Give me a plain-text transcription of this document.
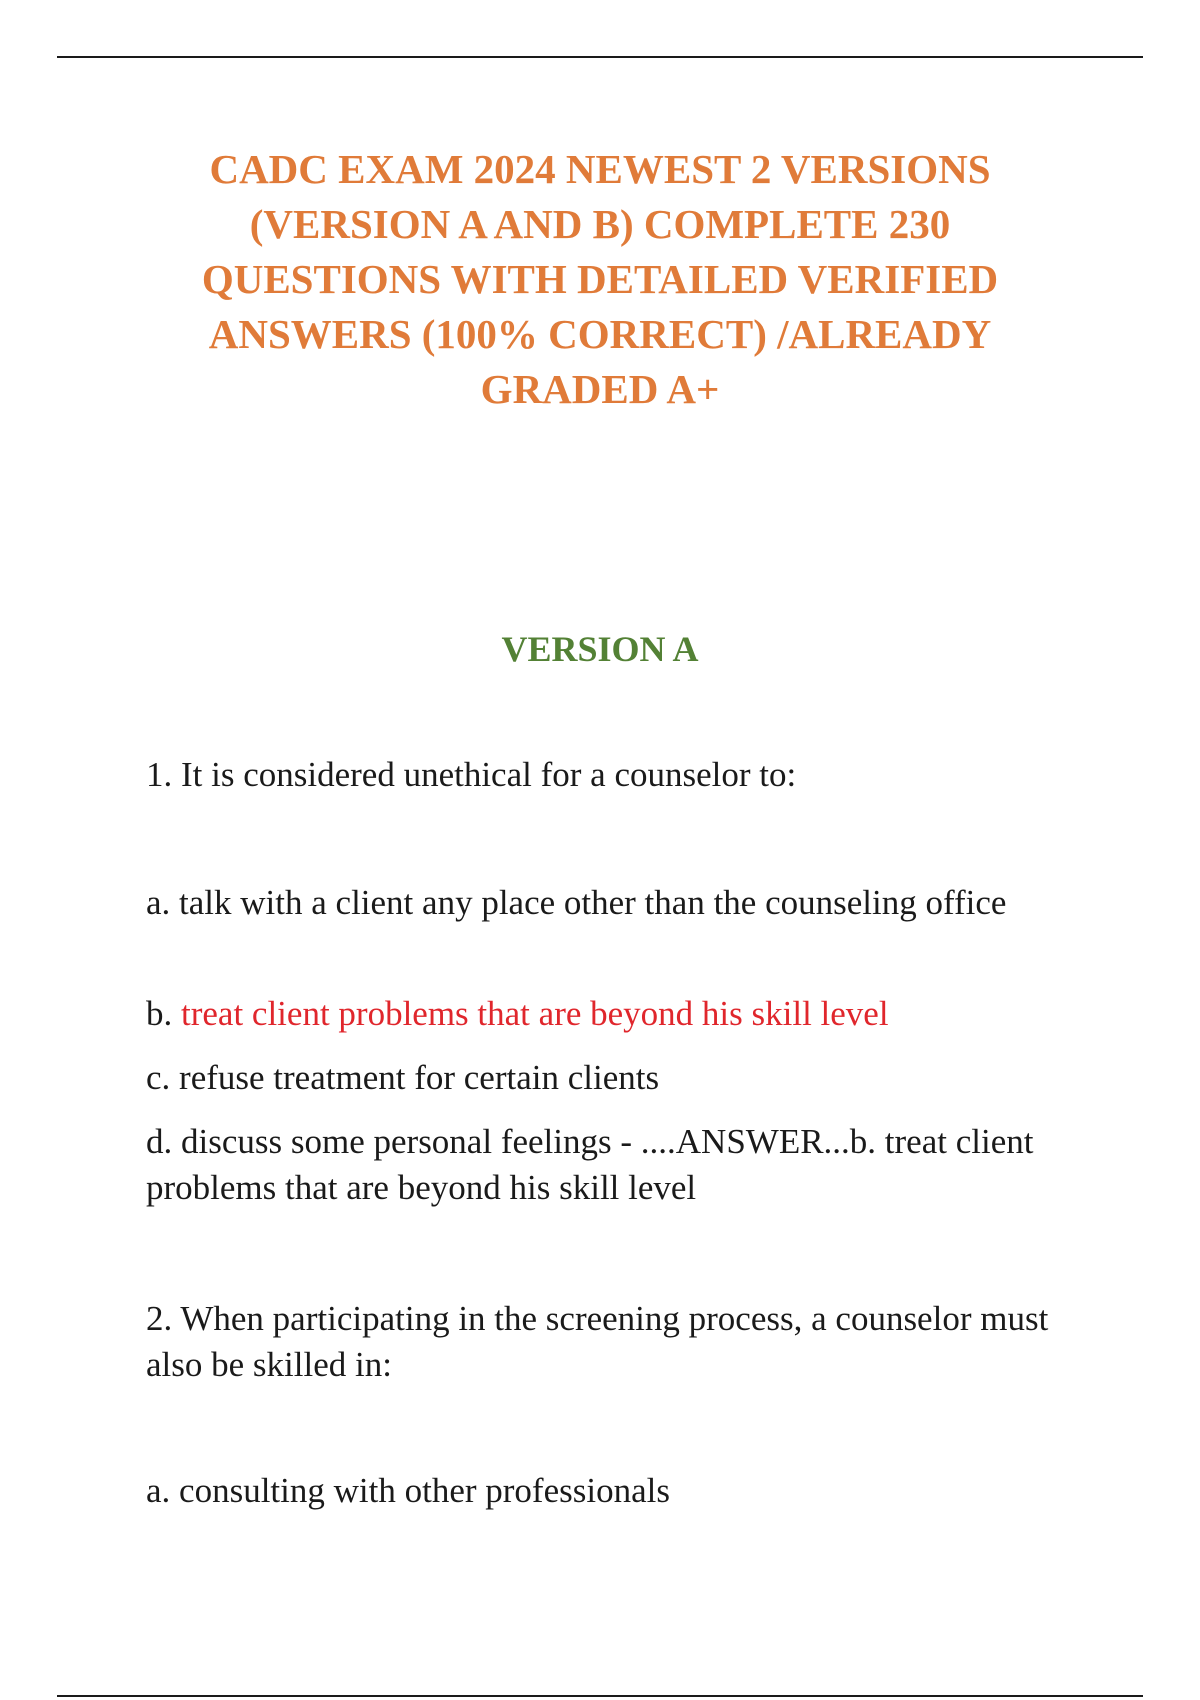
CADC EXAM 2024 NEWEST 2 VERSIONS
(VERSION A AND B) COMPLETE 230
QUESTIONS WITH DETAILED VERIFIED
ANSWERS (100% CORRECT) /ALREADY
GRADED A+
VERSION A

1. It is considered unethical for a counselor to:

a. talk with a client any place other than the counseling office

b. treat client problems that are beyond his skill level

c. refuse treatment for certain clients

d. discuss some personal feelings - ....ANSWER...b. treat client problems that are beyond his skill level

2. When participating in the screening process, a counselor must also be skilled in:

a. consulting with other professionals
